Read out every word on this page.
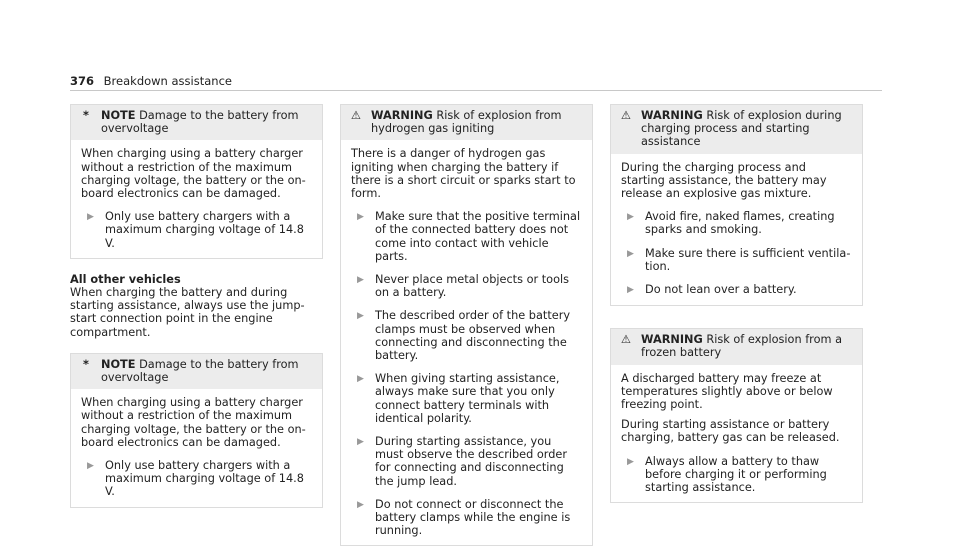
376 Breakdown assistance
*	NOTE Damage to the battery from overvoltage

When charging using a battery charger without a restriction of the maximum charging voltage, the battery or the on-board electronics can be damaged.

▶ Only use battery chargers with a maximum charging voltage of 14.8 V.
All other vehicles

When charging the battery and during starting assistance, always use the jump-start connection point in the engine compartment.

*	NOTE Damage to the battery from overvoltage

When charging using a battery charger without a restriction of the maximum charging voltage, the battery or the on-board electronics can be damaged.

▶ Only use battery chargers with a maximum charging voltage of 14.8 V.
⚠ WARNING Risk of explosion from hydrogen gas igniting

There is a danger of hydrogen gas igniting when charging the battery if there is a short circuit or sparks start to form.

▶ Make sure that the positive terminal of the connected battery does not come into contact with vehicle parts.
▶ Never place metal objects or tools on a battery.
▶ The described order of the battery clamps must be observed when connecting and disconnecting the battery.
▶ When giving starting assistance, always make sure that you only connect battery terminals with identical polarity.
▶ During starting assistance, you must observe the described order for connecting and disconnecting the jump lead.
▶ Do not connect or disconnect the battery clamps while the engine is running.
⚠ WARNING Risk of explosion during charging process and starting assistance

During the charging process and starting assistance, the battery may release an explosive gas mixture.

▶ Avoid fire, naked flames, creating sparks and smoking.
▶ Make sure there is sufficient ventilation.
▶ Do not lean over a battery.
⚠ WARNING Risk of explosion from a frozen battery

A discharged battery may freeze at temperatures slightly above or below freezing point.

During starting assistance or battery charging, battery gas can be released.

▶ Always allow a battery to thaw before charging it or performing starting assistance.
